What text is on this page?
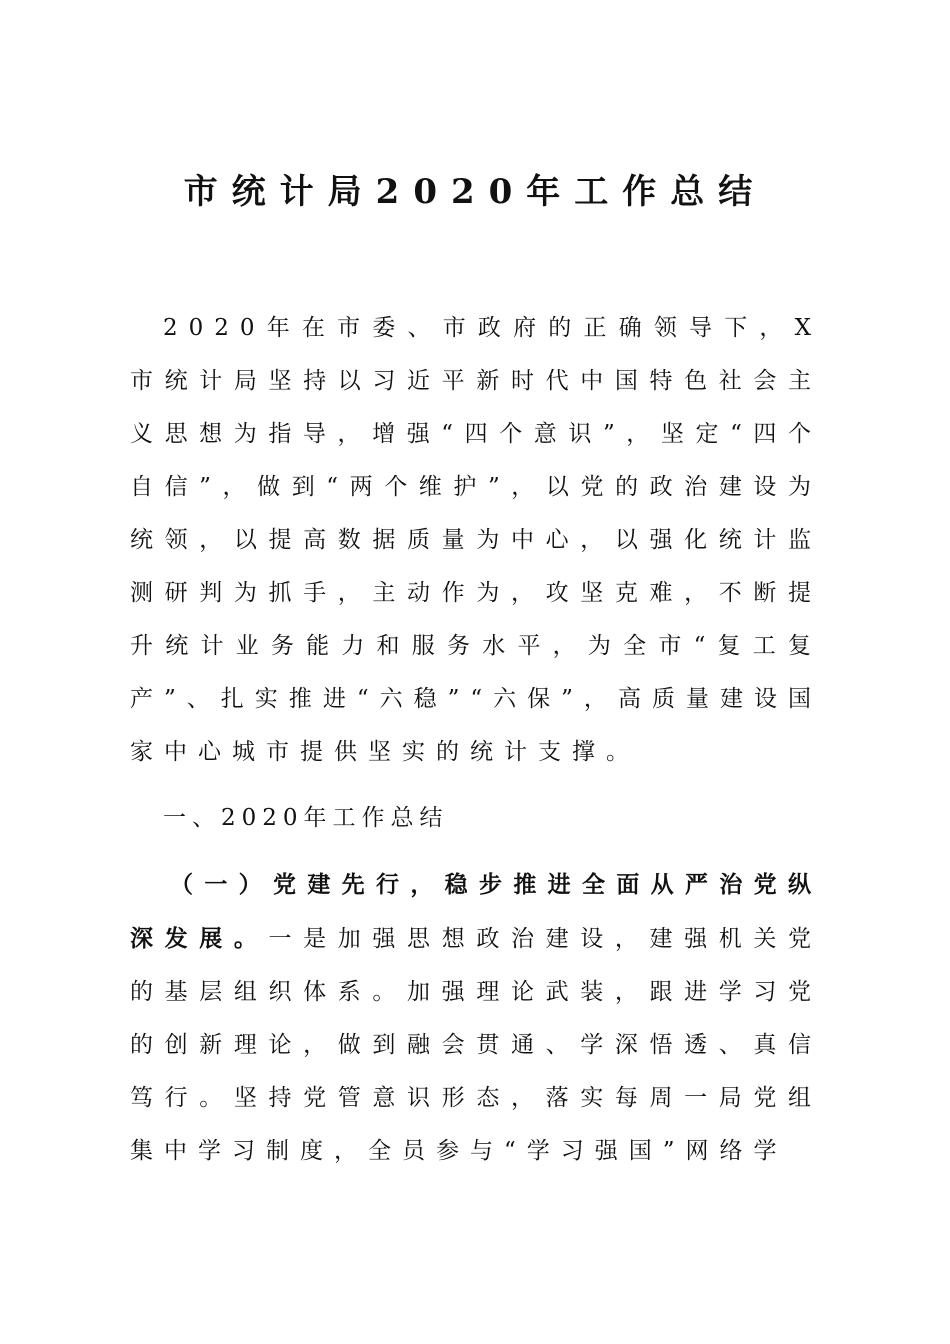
市统计局2020年工作总结

2020年在市委、市政府的正确领导下，X市统计局坚持以习近平新时代中国特色社会主义思想为指导，增强“四个意识”，坚定“四个自信”，做到“两个维护”，以党的政治建设为统领，以提高数据质量为中心，以强化统计监测研判为抓手，主动作为，攻坚克难，不断提升统计业务能力和服务水平，为全市“复工复产”、扎实推进“六稳”“六保”，高质量建设国家中心城市提供坚实的统计支撑。

一、2020年工作总结

（一）党建先行，稳步推进全面从严治党纵深发展。一是加强思想政治建设，建强机关党的基层组织体系。加强理论武装，跟进学习党的创新理论，做到融会贯通、学深悟透、真信笃行。坚持党管意识形态，落实每周一局党组集中学习制度，全员参与“学习强国”网络学
